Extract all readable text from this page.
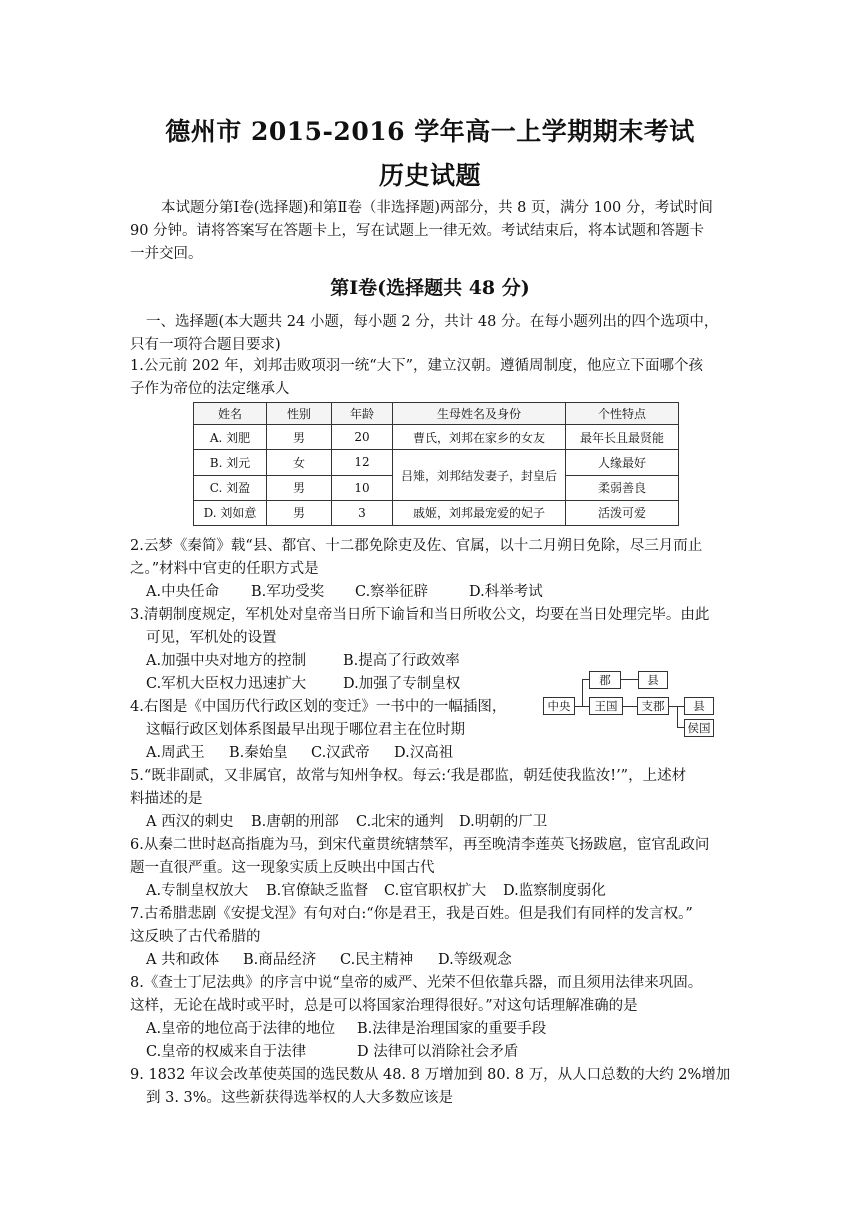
德州市 2015-2016 学年高一上学期期末考试
历史试题
本试题分第Ⅰ卷(选择题)和第Ⅱ卷（非选择题)两部分，共 8 页，满分 100 分，考试时间
90 分钟。请将答案写在答题卡上，写在试题上一律无效。考试结束后，将本试题和答题卡
一并交回。
第Ⅰ卷(选择题共 48 分)
一、选择题(本大题共 24 小题，每小题 2 分，共计 48 分。在每小题列出的四个选项中，
只有一项符合题目要求)
1.公元前 202 年，刘邦击败项羽一统“大下”，建立汉朝。遵循周制度，他应立下面哪个孩
子作为帝位的法定继承人
姓名	性别	年龄	生母姓名及身份	个性特点
A. 刘肥	男	20	曹氏，刘邦在家乡的女友	最年长且最贤能
B. 刘元	女	12	吕雉，刘邦结发妻子，封皇后	人缘最好
C. 刘盈	男	10		柔弱善良
D. 刘如意	男	3	戚姬，刘邦最宠爱的妃子	活泼可爱
2.云梦《秦简》载“县、都官、十二郡免除吏及佐、官属，以十二月朔日免除，尽三月而止
之。”材料中官吏的任职方式是
A.中央任命 B.军功受奖 C.察举征辟	D.科举考试
3.清朝制度规定，军机处对皇帝当日所下谕旨和当日所收公文，均要在当日处理完毕。由此
可见，军机处的设置
A.加强中央对地方的控制	B.提高了行政效率
C.军机大臣权力迅速扩大	D.加强了专制皇权
4.右图是《中国历代行政区划的变迁》一书中的一幅插图，
这幅行政区划体系图最早出现于哪位君主在位时期
A.周武王 B.秦始皇 C.汉武帝 D.汉高祖
中央
郡	县
王国	支郡	县
侯国
5.“既非副贰，又非属官，故常与知州争权。每云:‘我是郡监，朝廷使我监汝!’”，上述材
料描述的是
A 西汉的刺史 B.唐朝的刑部 C.北宋的通判 D.明朝的厂卫
6.从秦二世时赵高指鹿为马，到宋代童贯统辖禁军，再至晚清李莲英飞扬跋扈，宦官乱政问
题一直很严重。这一现象实质上反映出中国古代
A.专制皇权放大 B.官僚缺乏监督 C.宦官职权扩大 D.监察制度弱化
7.古希腊悲剧《安提戈涅》有句对白:“你是君王，我是百姓。但是我们有同样的发言权。”
这反映了古代希腊的
A 共和政体 B.商品经济 C.民主精神 D.等级观念
8.《查士丁尼法典》的序言中说“皇帝的威严、光荣不但依靠兵器，而且须用法律来巩固。
这样，无论在战时或平时，总是可以将国家治理得很好。”对这句话理解准确的是
A.皇帝的地位高于法律的地位 B.法律是治理国家的重要手段
C.皇帝的权威来自于法律	D 法律可以消除社会矛盾
9. 1832 年议会改革使英国的选民数从 48. 8 万增加到 80. 8 万，从人口总数的大约 2%增加
到 3. 3%。这些新获得选举权的人大多数应该是
